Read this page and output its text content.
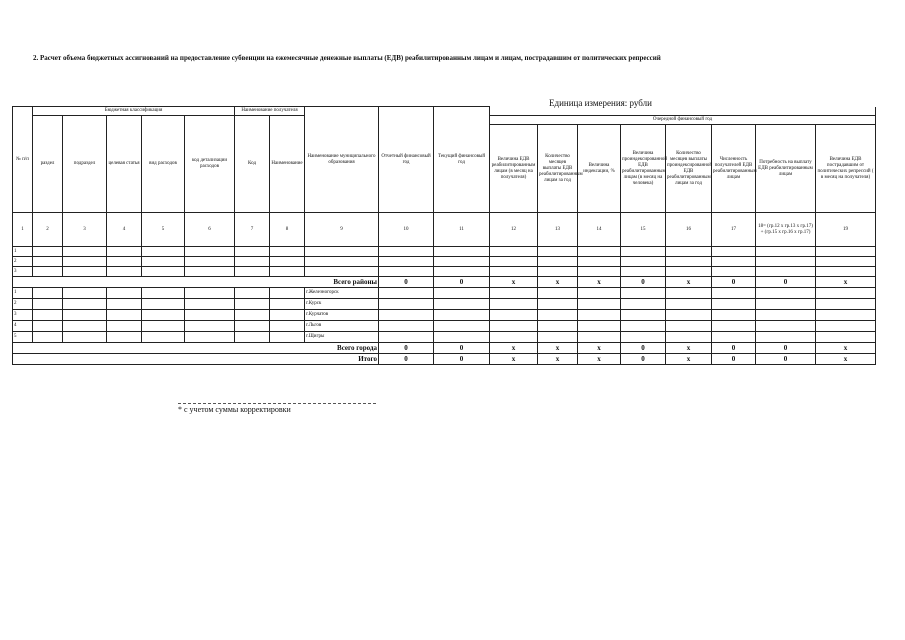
2. Расчет объема бюджетных ассигнований на предоставление субвенции на ежемесячные денежные выплаты (ЕДВ) реабилитированным лицам и лицам, пострадавшим от политических репрессий
Единица измерения: рубли
№ п/п	Бюджетная классификация					Наименование получателя		Наименование муниципального образования	Отчетный финансовый год	Текущий финансовый год								
	раздел	подраздел	целевая статья	вид расходов	код детализации расходов	Код	Наименование				Очередной финансовый год							
											Величина ЕДВ реабилитированным лицам (в месяц на получателя)	Количество месяцев выплаты ЕДВ реабилитированным лицам за год	Величина индексации, %	Величина проиндексированной ЕДВ реабилитированным лицам (в месяц на человека)	Количество месяцев выплаты проиндексированной ЕДВ реабилитированным лицам за год	Численность получателей ЕДВ реабилитированным лицам	Потребность на выплату ЕДВ реабилитированным лицам	Величина ЕДВ пострадавшим от политических репрессий ( в месяц на получателя)
1	2	3	4	5	6	7	8	9	10	11	12	13	14	15	16	17	18= (гр.12 х гр.13 х гр.17) + (гр.15 х гр.16 х гр.17)	19
1																		
2																		
3																		
Всего районы									0	0	х	х	х	0	х	0	0	х
1								г.Железногорск										
2								г.Курск										
3								г.Курчатов										
4								г.Льгов										
5								г.Щигры										
Всего города									0	0	х	х	х	0	х	0	0	х
Итого									0	0	х	х	х	0	х	0	0	х
* с учетом суммы корректировки
